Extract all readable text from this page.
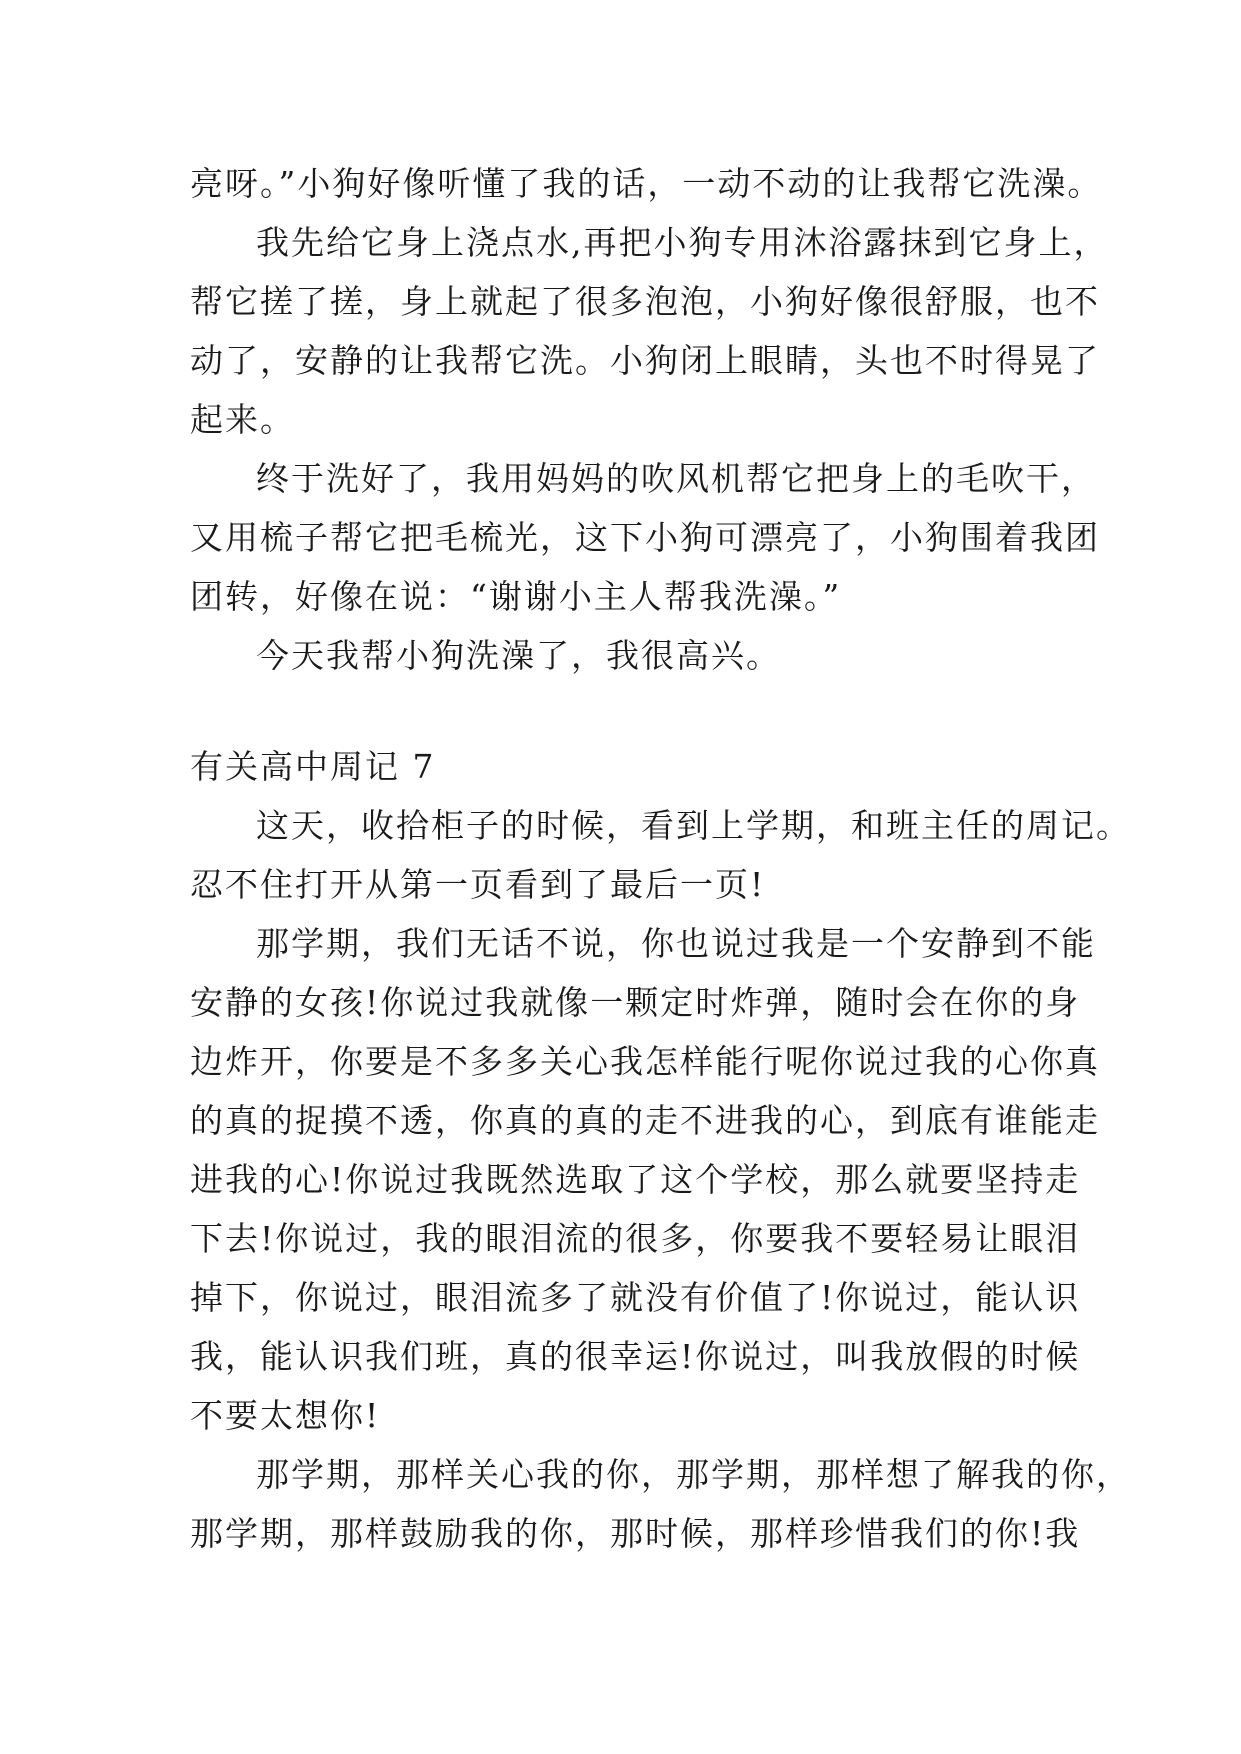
亮呀。”小狗好像听懂了我的话，一动不动的让我帮它洗澡。
我先给它身上浇点水,再把小狗专用沐浴露抹到它身上，
帮它搓了搓，身上就起了很多泡泡，小狗好像很舒服，也不
动了，安静的让我帮它洗。小狗闭上眼睛，头也不时得晃了
起来。
终于洗好了，我用妈妈的吹风机帮它把身上的毛吹干，
又用梳子帮它把毛梳光，这下小狗可漂亮了，小狗围着我团
团转，好像在说：“谢谢小主人帮我洗澡。”
今天我帮小狗洗澡了，我很高兴。
有关高中周记 7
这天，收拾柜子的时候，看到上学期，和班主任的周记。
忍不住打开从第一页看到了最后一页!
那学期，我们无话不说，你也说过我是一个安静到不能
安静的女孩!你说过我就像一颗定时炸弹，随时会在你的身
边炸开，你要是不多多关心我怎样能行呢你说过我的心你真
的真的捉摸不透，你真的真的走不进我的心，到底有谁能走
进我的心!你说过我既然选取了这个学校，那么就要坚持走
下去!你说过，我的眼泪流的很多，你要我不要轻易让眼泪
掉下，你说过，眼泪流多了就没有价值了!你说过，能认识
我，能认识我们班，真的很幸运!你说过，叫我放假的时候
不要太想你!
那学期，那样关心我的你，那学期，那样想了解我的你，
那学期，那样鼓励我的你，那时候，那样珍惜我们的你!我
